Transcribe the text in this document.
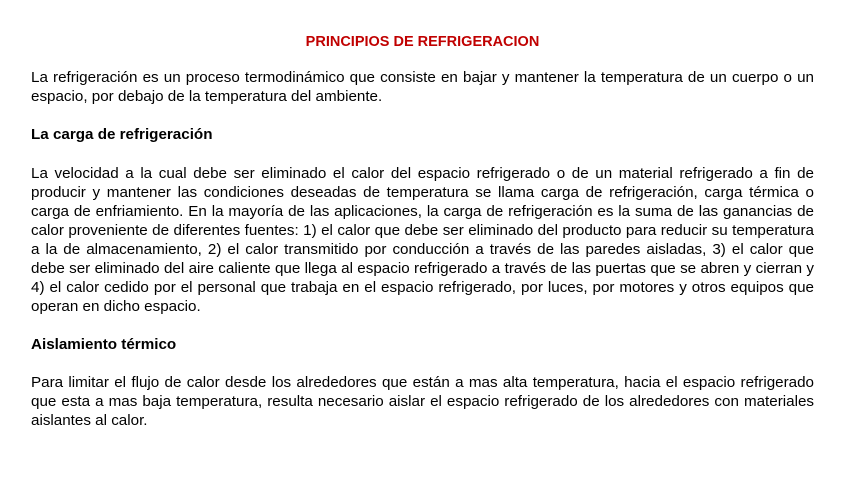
PRINCIPIOS DE REFRIGERACION

La refrigeración es un proceso termodinámico que consiste en bajar y mantener la temperatura de un cuerpo o un espacio, por debajo de la temperatura del ambiente.

La carga de refrigeración

La velocidad a la cual debe ser eliminado el calor del espacio refrigerado o de un material refrigerado a fin de producir y mantener las condiciones deseadas de temperatura se llama carga de refrigeración, carga térmica o carga de enfriamiento. En la mayoría de las aplicaciones, la carga de refrigeración es la suma de las ganancias de calor proveniente de diferentes fuentes: 1) el calor que debe ser eliminado del producto para reducir su temperatura a la de almacenamiento, 2) el calor transmitido por conducción a través de las paredes aisladas, 3) el calor que debe ser eliminado del aire caliente que llega al espacio refrigerado a través de las puertas que se abren y cierran y 4) el calor cedido por el personal que trabaja en el espacio refrigerado, por luces, por motores y otros equipos que operan en dicho espacio.

Aislamiento térmico

Para limitar el flujo de calor desde los alrededores que están a mas alta temperatura, hacia el espacio refrigerado que esta a mas baja temperatura, resulta necesario aislar el espacio refrigerado de los alrededores con materiales aislantes al calor.
